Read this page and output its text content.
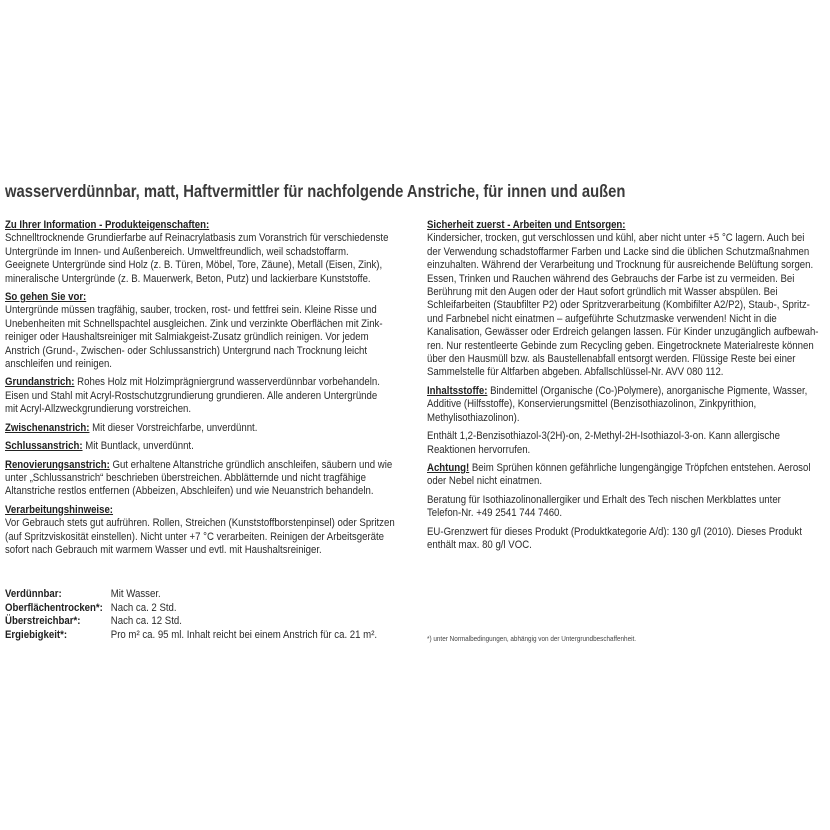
wasserverdünnbar, matt, Haftvermittler für nachfolgende Anstriche, für innen und außen

Zu Ihrer Information - Produkteigenschaften:

Schnelltrocknende Grundierfarbe auf Reinacrylatbasis zum Voranstrich für verschiedenste

Untergründe im Innen- und Außenbereich. Umweltfreundlich, weil schadstoffarm.

Geeignete Untergründe sind Holz (z. B. Türen, Möbel, Tore, Zäune), Metall (Eisen, Zink),

mineralische Untergründe (z. B. Mauerwerk, Beton, Putz) und lackierbare Kunststoffe.

So gehen Sie vor:

Untergründe müssen tragfähig, sauber, trocken, rost- und fettfrei sein. Kleine Risse und

Unebenheiten mit Schnellspachtel ausgleichen. Zink und verzinkte Oberflächen mit Zink-

reiniger oder Haushaltsreiniger mit Salmiakgeist-Zusatz gründlich reinigen. Vor jedem

Anstrich (Grund-, Zwischen- oder Schlussanstrich) Untergrund nach Trocknung leicht

anschleifen und reinigen.

Grundanstrich: Rohes Holz mit Holzimprägniergrund wasserverdünnbar vorbehandeln.

Eisen und Stahl mit Acryl-Rostschutzgrundierung grundieren. Alle anderen Untergründe

mit Acryl-Allzweckgrundierung vorstreichen.

Zwischenanstrich: Mit dieser Vorstreichfarbe, unverdünnt.

Schlussanstrich: Mit Buntlack, unverdünnt.

Renovierungsanstrich: Gut erhaltene Altanstriche gründlich anschleifen, säubern und wie

unter „Schlussanstrich“ beschrieben überstreichen. Abblätternde und nicht tragfähige

Altanstriche restlos entfernen (Abbeizen, Abschleifen) und wie Neuanstrich behandeln.

Verarbeitungshinweise:

Vor Gebrauch stets gut aufrühren. Rollen, Streichen (Kunststoffborstenpinsel) oder Spritzen

(auf Spritzviskosität einstellen). Nicht unter +7 °C verarbeiten. Reinigen der Arbeitsgeräte

sofort nach Gebrauch mit warmem Wasser und evtl. mit Haushaltsreiniger.

Verdünnbar:	Mit Wasser.
Oberflächentrocken*: Nach ca. 2 Std.
Überstreichbar*:	Nach ca. 12 Std.
Ergiebigkeit*:	Pro m² ca. 95 ml. Inhalt reicht bei einem Anstrich für ca. 21 m².

Sicherheit zuerst - Arbeiten und Entsorgen:

Kindersicher, trocken, gut verschlossen und kühl, aber nicht unter +5 °C lagern. Auch bei

der Verwendung schadstoffarmer Farben und Lacke sind die üblichen Schutzmaßnahmen

einzuhalten. Während der Verarbeitung und Trocknung für ausreichende Belüftung sorgen.

Essen, Trinken und Rauchen während des Gebrauchs der Farbe ist zu vermeiden. Bei

Berührung mit den Augen oder der Haut sofort gründlich mit Wasser abspülen. Bei

Schleifarbeiten (Staubfilter P2) oder Spritzverarbeitung (Kombifilter A2/P2), Staub-, Spritz-

und Farbnebel nicht einatmen – aufgeführte Schutzmaske verwenden! Nicht in die

Kanalisation, Gewässer oder Erdreich gelangen lassen. Für Kinder unzugänglich aufbewah-

ren. Nur restentleerte Gebinde zum Recycling geben. Eingetrocknete Materialreste können

über den Hausmüll bzw. als Baustellenabfall entsorgt werden. Flüssige Reste bei einer

Sammelstelle für Altfarben abgeben. Abfallschlüssel-Nr. AVV 080 112.

Inhaltsstoffe: Bindemittel (Organische (Co-)Polymere), anorganische Pigmente, Wasser,

Additive (Hilfsstoffe), Konservierungsmittel (Benzisothiazolinon, Zinkpyrithion,

Methylisothiazolinon).

Enthält 1,2-Benzisothiazol-3(2H)-on, 2-Methyl-2H-Isothiazol-3-on. Kann allergische

Reaktionen hervorrufen.

Achtung! Beim Sprühen können gefährliche lungengängige Tröpfchen entstehen. Aerosol

oder Nebel nicht einatmen.

Beratung für Isothiazolinonallergiker und Erhalt des Tech nischen Merkblattes unter

Telefon-Nr. +49 2541 744 7460.

EU-Grenzwert für dieses Produkt (Produktkategorie A/d): 130 g/l (2010). Dieses Produkt

enthält max. 80 g/l VOC.

*) unter Normalbedingungen, abhängig von der Untergrundbeschaffenheit.
